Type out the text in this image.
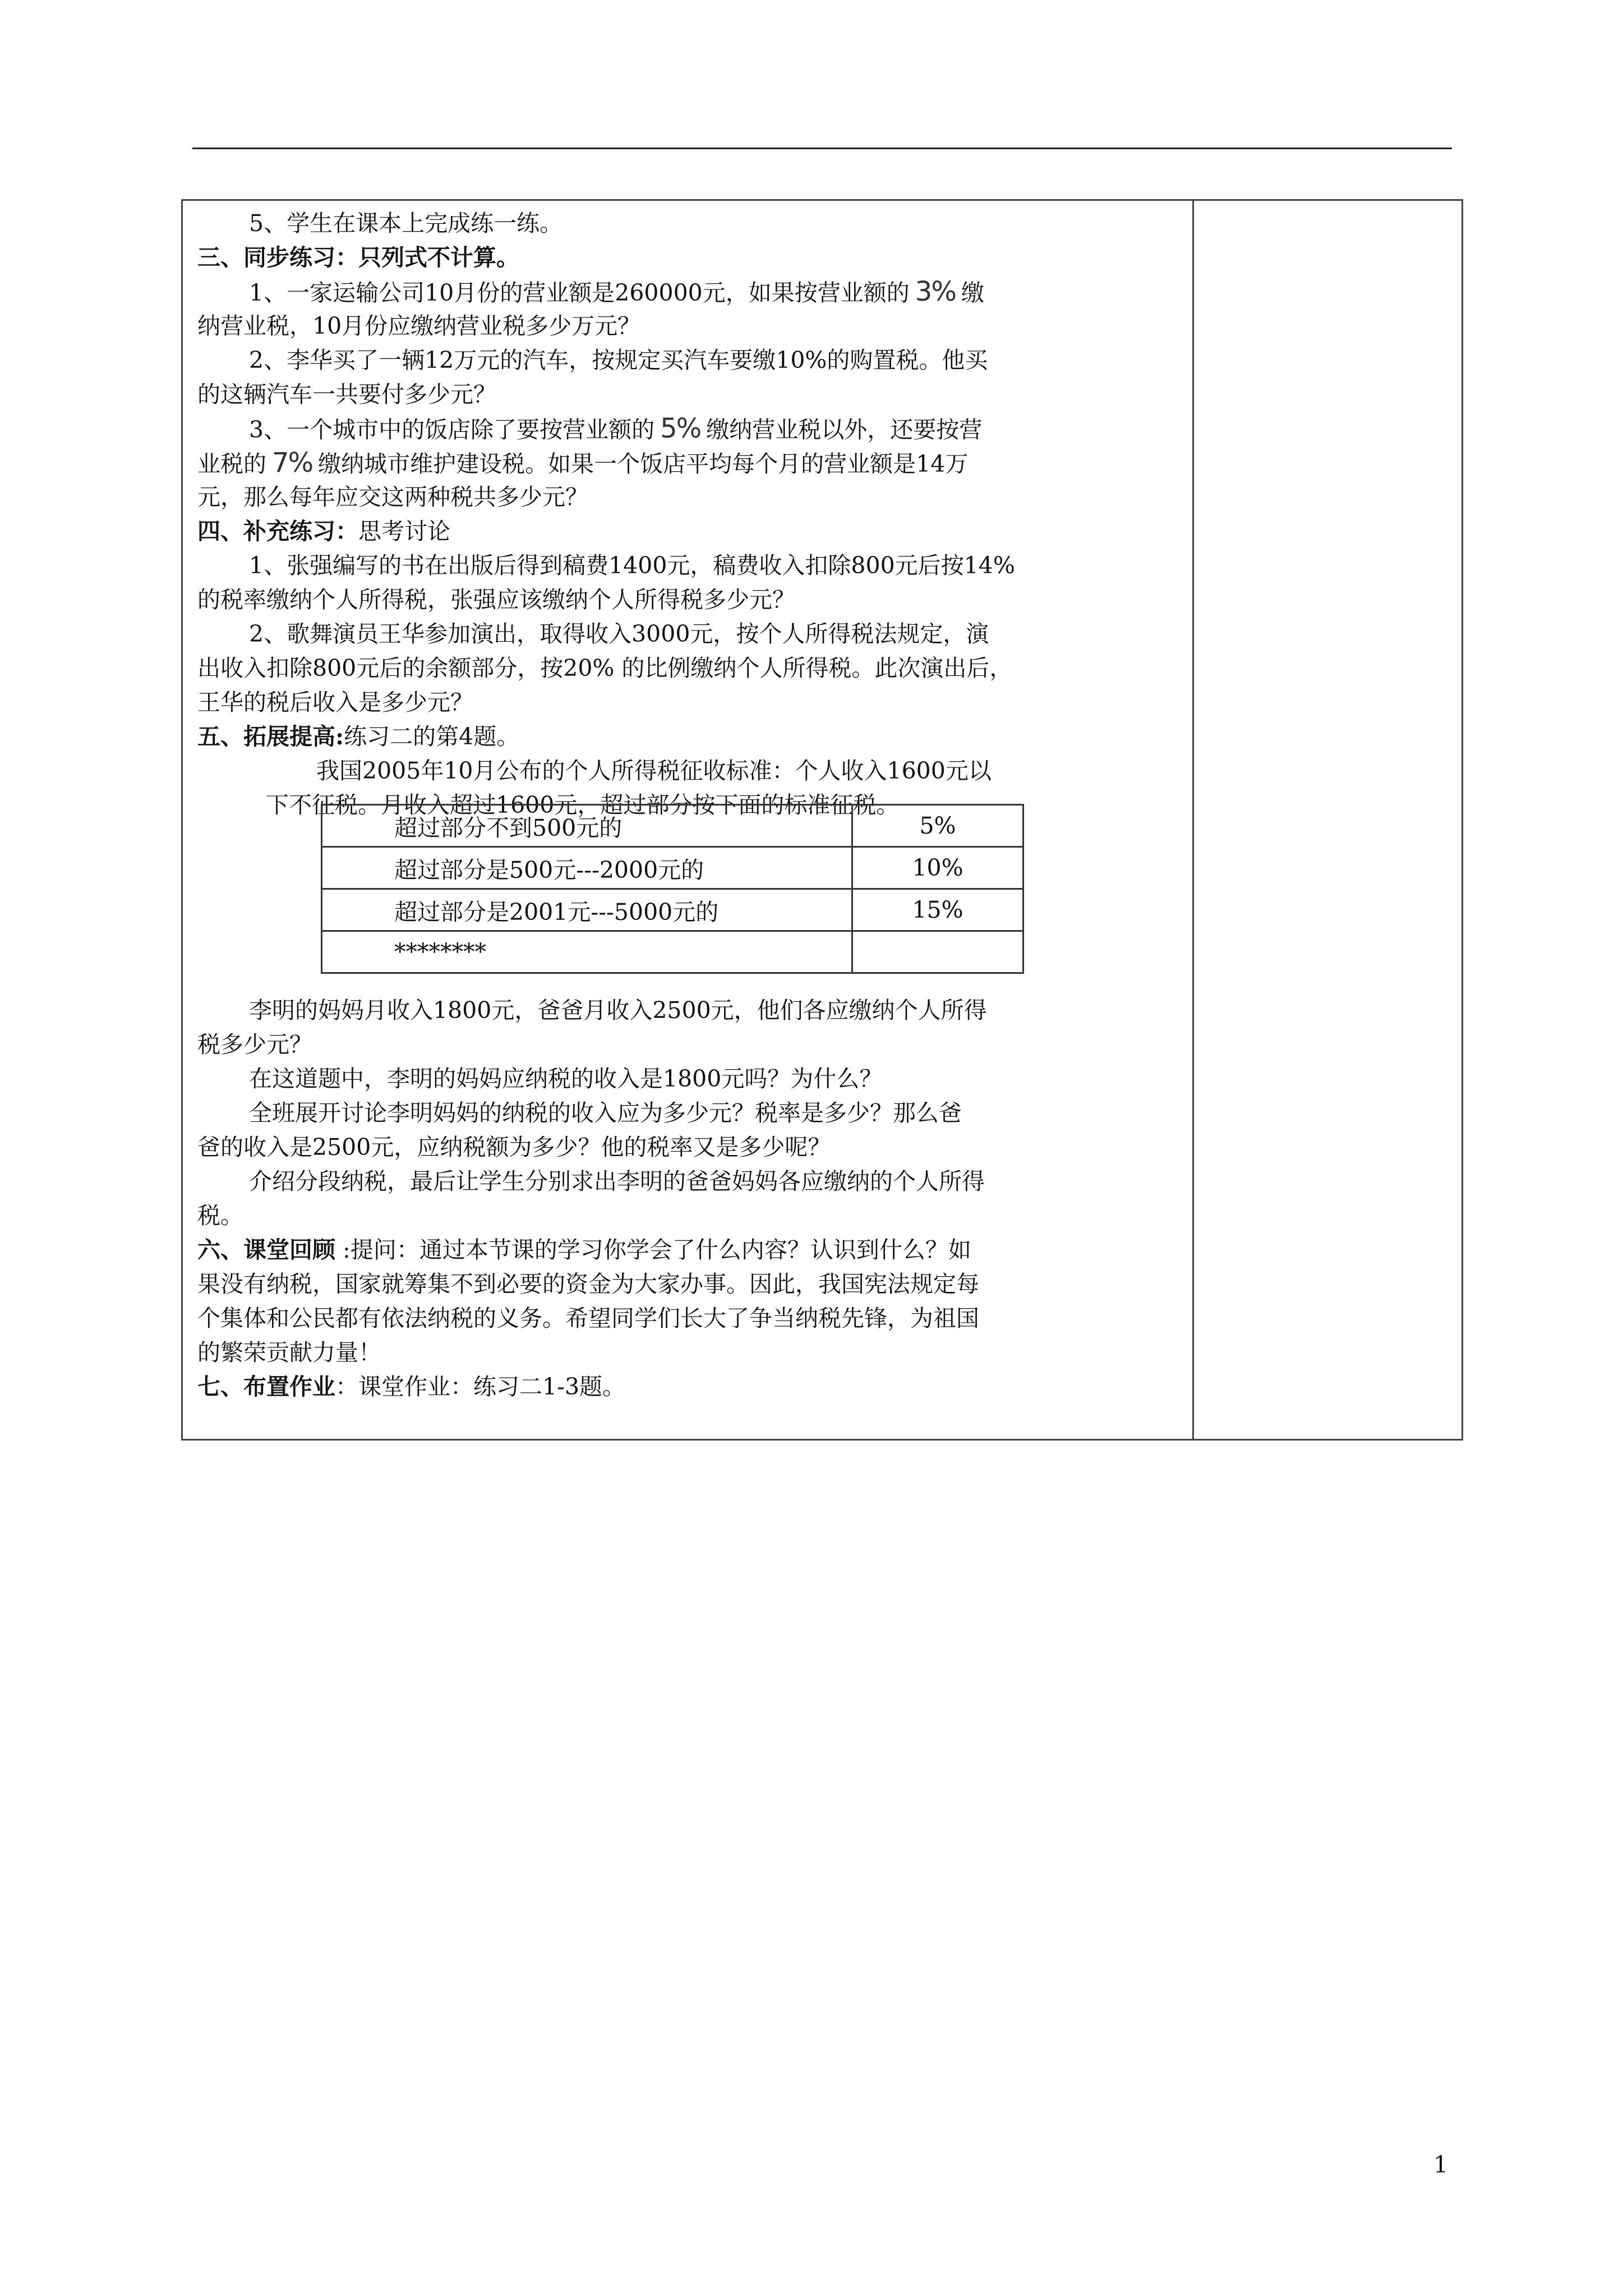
5、学生在课本上完成练一练。
三、同步练习：只列式不计算。
1、一家运输公司10月份的营业额是260000元，如果按营业额的 3% 缴
纳营业税，10月份应缴纳营业税多少万元？
2、李华买了一辆12万元的汽车，按规定买汽车要缴10%的购置税。他买
的这辆汽车一共要付多少元？
3、一个城市中的饭店除了要按营业额的 5% 缴纳营业税以外，还要按营
业税的 7% 缴纳城市维护建设税。如果一个饭店平均每个月的营业额是14万
元，那么每年应交这两种税共多少元？
四、补充练习：思考讨论
1、张强编写的书在出版后得到稿费1400元，稿费收入扣除800元后按14%
的税率缴纳个人所得税，张强应该缴纳个人所得税多少元？
2、歌舞演员王华参加演出，取得收入3000元，按个人所得税法规定，演
出收入扣除800元后的余额部分，按20% 的比例缴纳个人所得税。此次演出后，
王华的税后收入是多少元？
五、拓展提高:练习二的第4题。
我国2005年10月公布的个人所得税征收标准：个人收入1600元以
下不征税。月收入超过1600元，超过部分按下面的标准征税。
李明的妈妈月收入1800元，爸爸月收入2500元，他们各应缴纳个人所得
税多少元？
在这道题中，李明的妈妈应纳税的收入是1800元吗？为什么？
全班展开讨论李明妈妈的纳税的收入应为多少元？税率是多少？那么爸
爸的收入是2500元，应纳税额为多少？他的税率又是多少呢？
介绍分段纳税，最后让学生分别求出李明的爸爸妈妈各应缴纳的个人所得
税。
六、课堂回顾 :提问：通过本节课的学习你学会了什么内容？认识到什么？如
果没有纳税，国家就筹集不到必要的资金为大家办事。因此，我国宪法规定每
个集体和公民都有依法纳税的义务。希望同学们长大了争当纳税先锋，为祖国
的繁荣贡献力量！
七、布置作业：课堂作业：练习二1-3题。
超过部分不到500元的	5%
超过部分是500元---2000元的	10%
超过部分是2001元---5000元的	15%
********	
1
